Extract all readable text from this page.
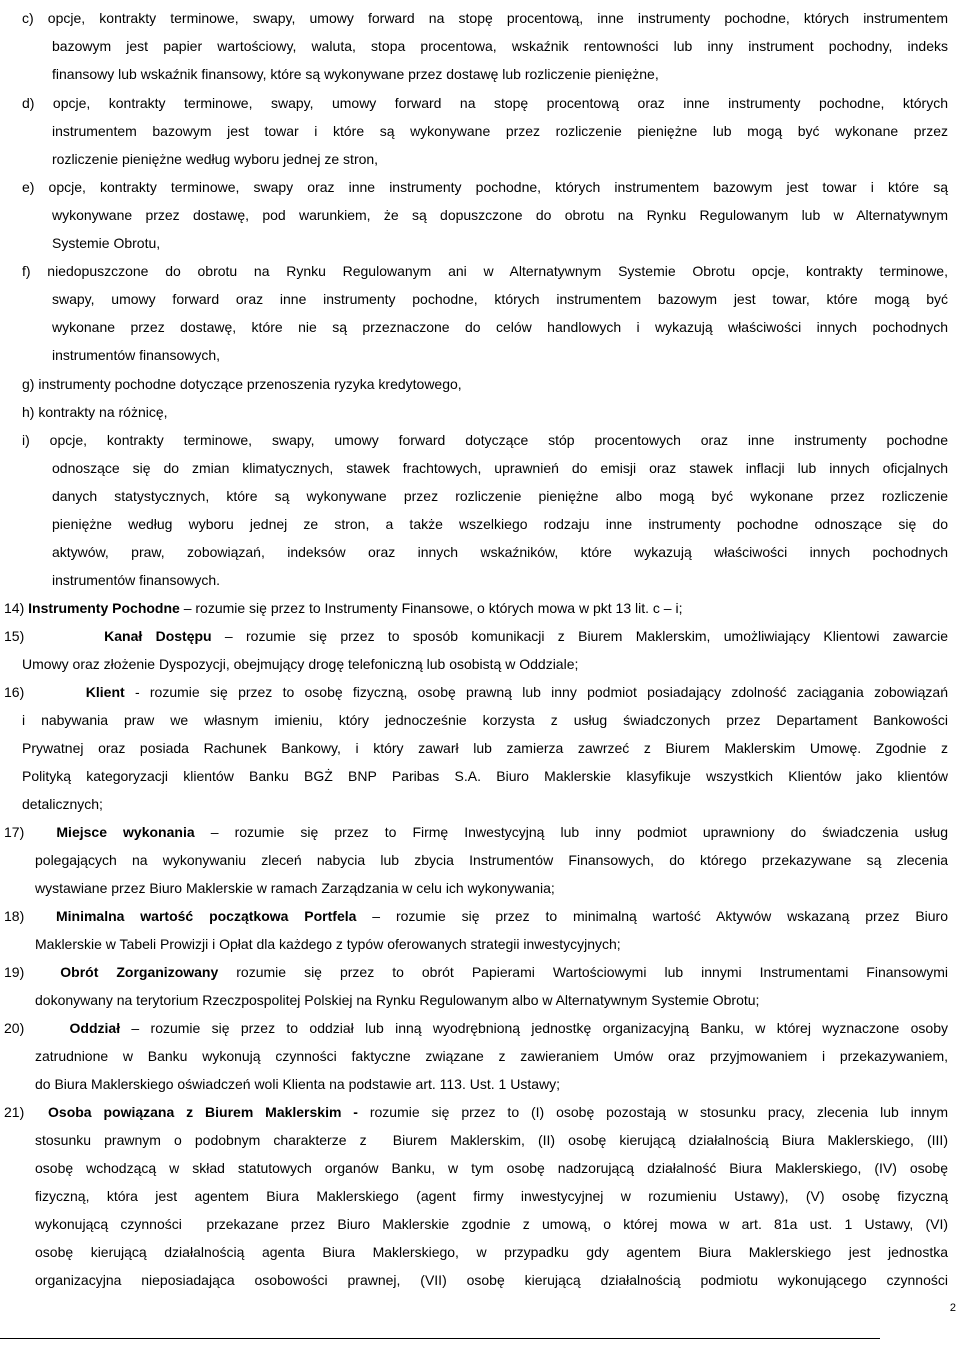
c) opcje, kontrakty terminowe, swapy, umowy forward na stopę procentową, inne instrumenty pochodne, których instrumentem
bazowym jest papier wartościowy, waluta, stopa procentowa, wskaźnik rentowności lub inny instrument pochodny, indeks
finansowy lub wskaźnik finansowy, które są wykonywane przez dostawę lub rozliczenie pieniężne,
d) opcje, kontrakty terminowe, swapy, umowy forward na stopę procentową oraz inne instrumenty pochodne, których
instrumentem bazowym jest towar i które są wykonywane przez rozliczenie pieniężne lub mogą być wykonane przez
rozliczenie pieniężne według wyboru jednej ze stron,
e) opcje, kontrakty terminowe, swapy oraz inne instrumenty pochodne, których instrumentem bazowym jest towar i które są
wykonywane przez dostawę, pod warunkiem, że są dopuszczone do obrotu na Rynku Regulowanym lub w Alternatywnym
Systemie Obrotu,
f) niedopuszczone do obrotu na Rynku Regulowanym ani w Alternatywnym Systemie Obrotu opcje, kontrakty terminowe,
swapy, umowy forward oraz inne instrumenty pochodne, których instrumentem bazowym jest towar, które mogą być
wykonane przez dostawę, które nie są przeznaczone do celów handlowych i wykazują właściwości innych pochodnych
instrumentów finansowych,
g) instrumenty pochodne dotyczące przenoszenia ryzyka kredytowego,
h) kontrakty na różnicę,
i) opcje, kontrakty terminowe, swapy, umowy forward dotyczące stóp procentowych oraz inne instrumenty pochodne
odnoszące się do zmian klimatycznych, stawek frachtowych, uprawnień do emisji oraz stawek inflacji lub innych oficjalnych
danych statystycznych, które są wykonywane przez rozliczenie pieniężne albo mogą być wykonane przez rozliczenie
pieniężne według wyboru jednej ze stron, a także wszelkiego rodzaju inne instrumenty pochodne odnoszące się do
aktywów, praw, zobowiązań, indeksów oraz innych wskaźników, które wykazują właściwości innych pochodnych
instrumentów finansowych.
14) Instrumenty Pochodne – rozumie się przez to Instrumenty Finansowe, o których mowa w pkt 13 lit. c – i;
15)      Kanał Dostępu – rozumie się przez to sposób komunikacji z Biurem Maklerskim, umożliwiający Klientowi zawarcie
Umowy oraz złożenie Dyspozycji, obejmujący drogę telefoniczną lub osobistą w Oddziale;
16)      Klient - rozumie się przez to osobę fizyczną, osobę prawną lub inny podmiot posiadający zdolność zaciągania zobowiązań
i nabywania praw we własnym imieniu, który jednocześnie korzysta z usług świadczonych przez Departament Bankowości
Prywatnej oraz posiada Rachunek Bankowy, i który zawarł lub zamierza zawrzeć z Biurem Maklerskim Umowę. Zgodnie z
Polityką kategoryzacji klientów Banku BGŻ BNP Paribas S.A. Biuro Maklerskie klasyfikuje wszystkich Klientów jako klientów
detalicznych;
17)  Miejsce wykonania – rozumie się przez to Firmę Inwestycyjną lub inny podmiot uprawniony do świadczenia usług
polegających na wykonywaniu zleceń nabycia lub zbycia Instrumentów Finansowych, do którego przekazywane są zlecenia
wystawiane przez Biuro Maklerskie w ramach Zarządzania w celu ich wykonywania;
18)  Minimalna wartość początkowa Portfela – rozumie się przez to minimalną wartość Aktywów wskazaną przez Biuro
Maklerskie w Tabeli Prowizji i Opłat dla każdego z typów oferowanych strategii inwestycyjnych;
19)  Obrót Zorganizowany rozumie się przez to obrót Papierami Wartościowymi lub innymi Instrumentami Finansowymi
dokonywany na terytorium Rzeczpospolitej Polskiej na Rynku Regulowanym albo w Alternatywnym Systemie Obrotu;
20)    Oddział – rozumie się przez to oddział lub inną wyodrębnioną jednostkę organizacyjną Banku, w której wyznaczone osoby
zatrudnione w Banku wykonują czynności faktyczne związane z zawieraniem Umów oraz przyjmowaniem i przekazywaniem,
do Biura Maklerskiego oświadczeń woli Klienta na podstawie art. 113. Ust. 1 Ustawy;
21)  Osoba powiązana z Biurem Maklerskim - rozumie się przez to (I) osobę pozostają w stosunku pracy, zlecenia lub innym
stosunku prawnym o podobnym charakterze z  Biurem Maklerskim, (II) osobę kierującą działalnością Biura Maklerskiego, (III)
osobę wchodzącą w skład statutowych organów Banku, w tym osobę nadzorującą działalność Biura Maklerskiego, (IV) osobę
fizyczną, która jest agentem Biura Maklerskiego (agent firmy inwestycyjnej w rozumieniu Ustawy), (V) osobę fizyczną
wykonującą czynności  przekazane przez Biuro Maklerskie zgodnie z umową, o której mowa w art. 81a ust. 1 Ustawy, (VI)
osobę kierującą działalnością agenta Biura Maklerskiego, w przypadku gdy agentem Biura Maklerskiego jest jednostka
organizacyjna nieposiadająca osobowości prawnej, (VII) osobę kierującą działalnością podmiotu wykonującego czynności
2
